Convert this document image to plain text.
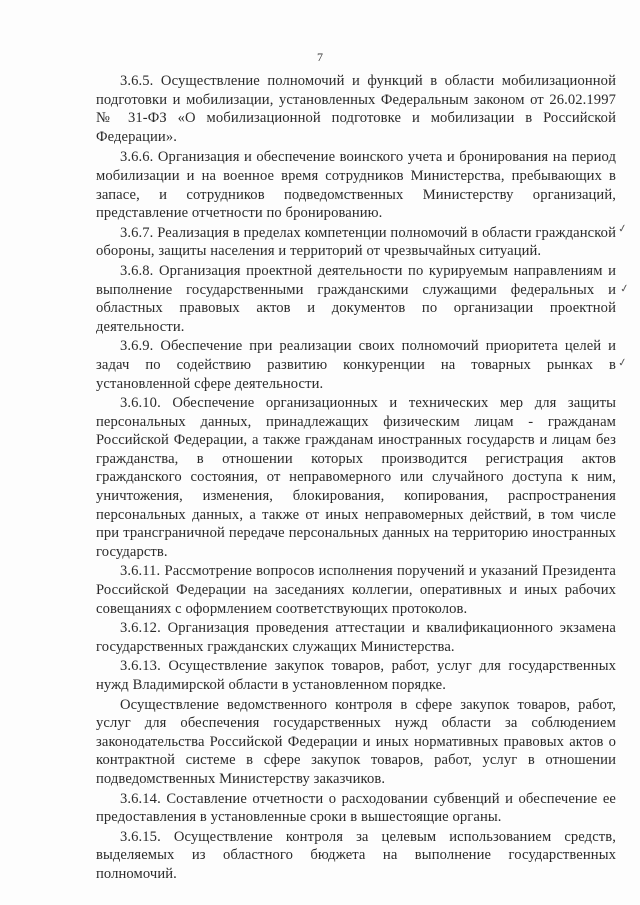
7

3.6.5. Осуществление полномочий и функций в области мобилизационной подготовки и мобилизации, установленных Федеральным законом от 26.02.1997 № 31-ФЗ «О мобилизационной подготовке и мобилизации в Российской Федерации».

3.6.6. Организация и обеспечение воинского учета и бронирования на период мобилизации и на военное время сотрудников Министерства, пребывающих в запасе, и сотрудников подведомственных Министерству организаций, представление отчетности по бронированию.

3.6.7. Реализация в пределах компетенции полномочий в области гражданской обороны, защиты населения и территорий от чрезвычайных ситуаций.

3.6.8. Организация проектной деятельности по курируемым направлениям и выполнение государственными гражданскими служащими федеральных и областных правовых актов и документов по организации проектной деятельности.

3.6.9. Обеспечение при реализации своих полномочий приоритета целей и задач по содействию развитию конкуренции на товарных рынках в установленной сфере деятельности.

3.6.10. Обеспечение организационных и технических мер для защиты персональных данных, принадлежащих физическим лицам - гражданам Российской Федерации, а также гражданам иностранных государств и лицам без гражданства, в отношении которых производится регистрация актов гражданского состояния, от неправомерного или случайного доступа к ним, уничтожения, изменения, блокирования, копирования, распространения персональных данных, а также от иных неправомерных действий, в том числе при трансграничной передаче персональных данных на территорию иностранных государств.

3.6.11. Рассмотрение вопросов исполнения поручений и указаний Президента Российской Федерации на заседаниях коллегии, оперативных и иных рабочих совещаниях с оформлением соответствующих протоколов.

3.6.12. Организация проведения аттестации и квалификационного экзамена государственных гражданских служащих Министерства.

3.6.13. Осуществление закупок товаров, работ, услуг для государственных нужд Владимирской области в установленном порядке.

Осуществление ведомственного контроля в сфере закупок товаров, работ, услуг для обеспечения государственных нужд области за соблюдением законодательства Российской Федерации и иных нормативных правовых актов о контрактной системе в сфере закупок товаров, работ, услуг в отношении подведомственных Министерству заказчиков.

3.6.14. Составление отчетности о расходовании субвенций и обеспечение ее предоставления в установленные сроки в вышестоящие органы.

3.6.15. Осуществление контроля за целевым использованием средств, выделяемых из областного бюджета на выполнение государственных полномочий.

✓
✓
✓
